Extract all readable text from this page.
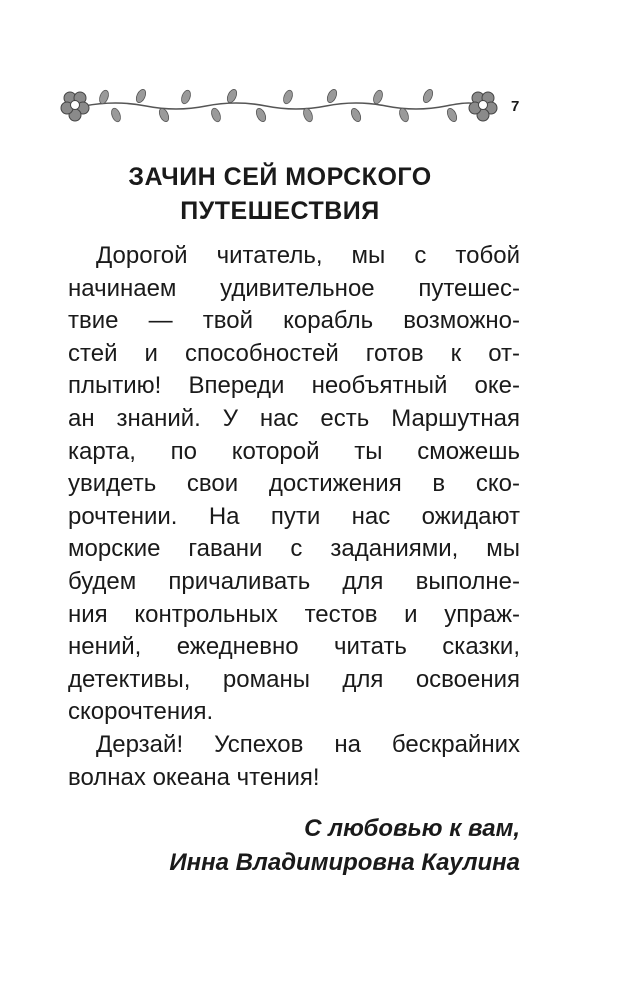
7
ЗАЧИН СЕЙ МОРСКОГО
ПУТЕШЕСТВИЯ
Дорогой читатель, мы с тобой
начинаем удивительное путешес-
твие — твой корабль возможно-
стей и способностей готов к от-
плытию! Впереди необъятный оке-
ан знаний. У нас есть Маршутная
карта, по которой ты сможешь
увидеть свои достижения в ско-
рочтении. На пути нас ожидают
морские гавани с заданиями, мы
будем причаливать для выполне-
ния контрольных тестов и упраж-
нений, ежедневно читать сказки,
детективы, романы для освоения
скорочтения.
Дерзай! Успехов на бескрайних
волнах океана чтения!
С любовью к вам,
Инна Владимировна Каулина
